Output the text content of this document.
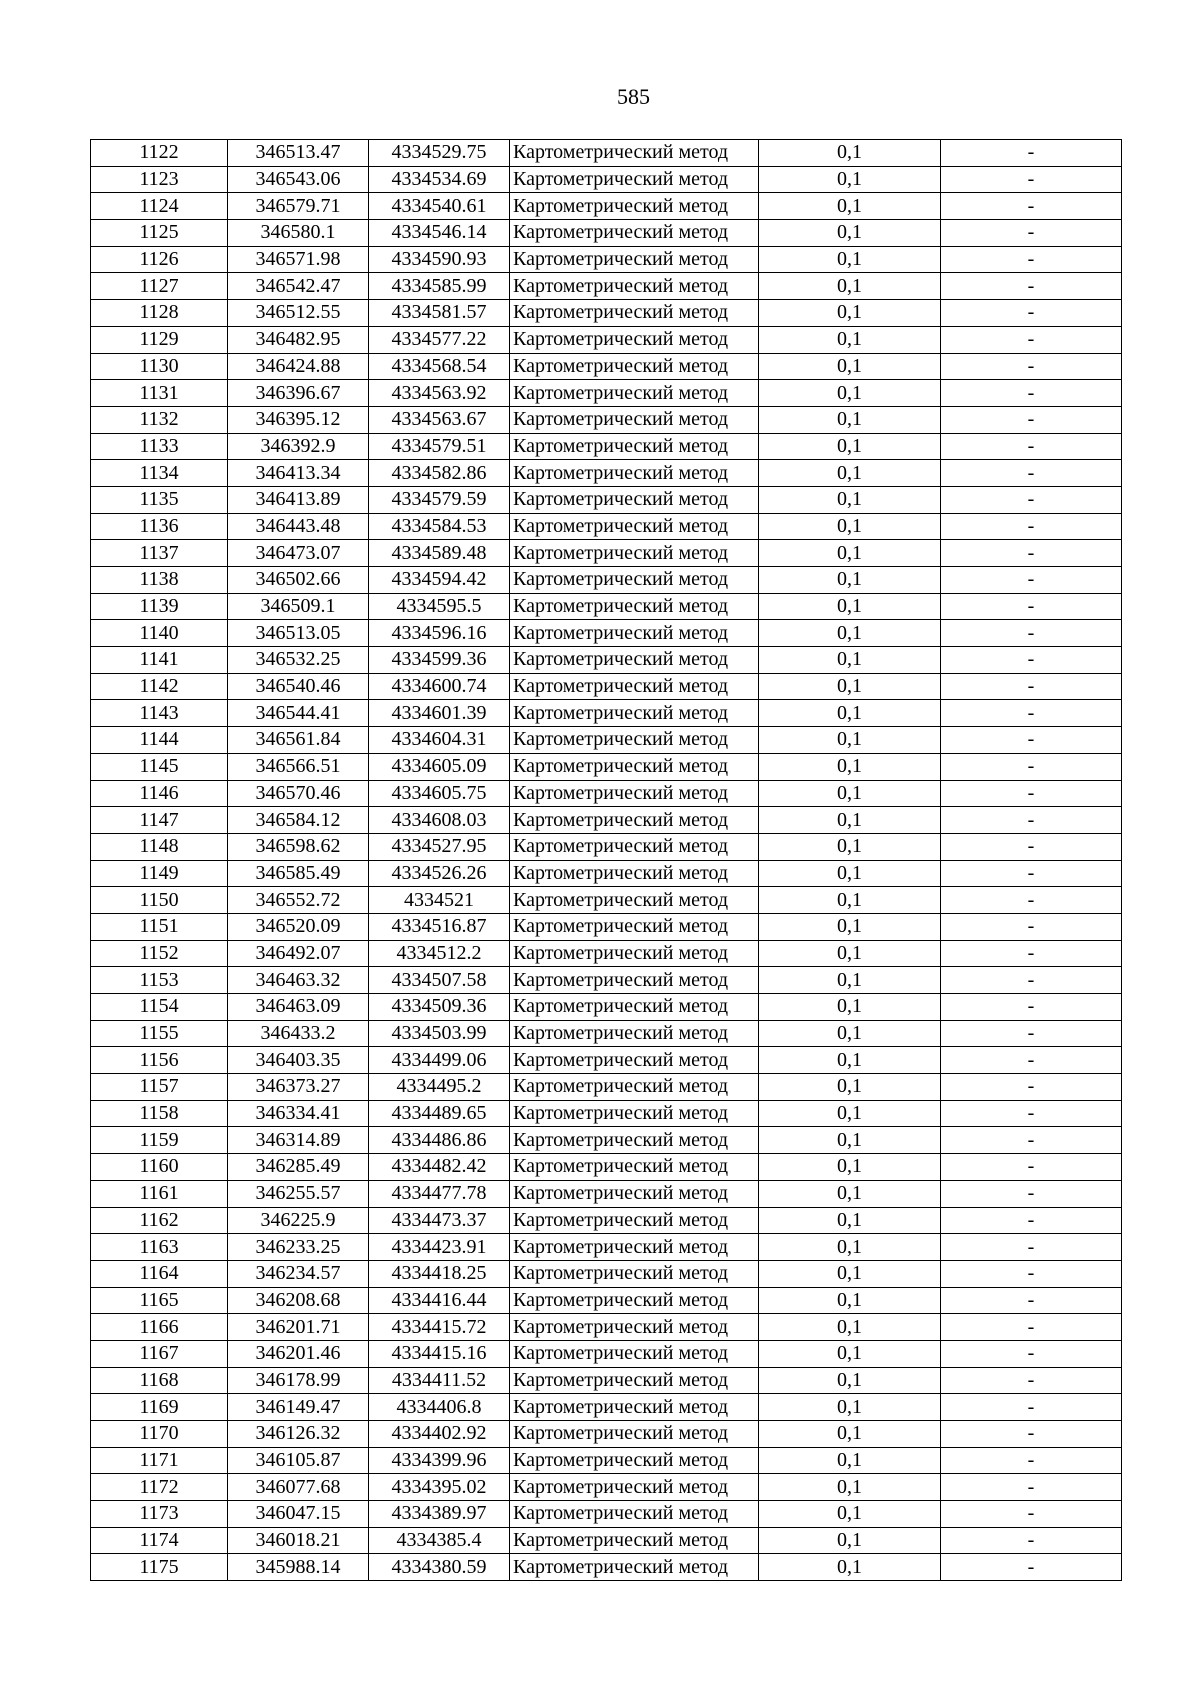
585
1122	346513.47	4334529.75	Картометрический метод	0,1	-
1123	346543.06	4334534.69	Картометрический метод	0,1	-
1124	346579.71	4334540.61	Картометрический метод	0,1	-
1125	346580.1	4334546.14	Картометрический метод	0,1	-
1126	346571.98	4334590.93	Картометрический метод	0,1	-
1127	346542.47	4334585.99	Картометрический метод	0,1	-
1128	346512.55	4334581.57	Картометрический метод	0,1	-
1129	346482.95	4334577.22	Картометрический метод	0,1	-
1130	346424.88	4334568.54	Картометрический метод	0,1	-
1131	346396.67	4334563.92	Картометрический метод	0,1	-
1132	346395.12	4334563.67	Картометрический метод	0,1	-
1133	346392.9	4334579.51	Картометрический метод	0,1	-
1134	346413.34	4334582.86	Картометрический метод	0,1	-
1135	346413.89	4334579.59	Картометрический метод	0,1	-
1136	346443.48	4334584.53	Картометрический метод	0,1	-
1137	346473.07	4334589.48	Картометрический метод	0,1	-
1138	346502.66	4334594.42	Картометрический метод	0,1	-
1139	346509.1	4334595.5	Картометрический метод	0,1	-
1140	346513.05	4334596.16	Картометрический метод	0,1	-
1141	346532.25	4334599.36	Картометрический метод	0,1	-
1142	346540.46	4334600.74	Картометрический метод	0,1	-
1143	346544.41	4334601.39	Картометрический метод	0,1	-
1144	346561.84	4334604.31	Картометрический метод	0,1	-
1145	346566.51	4334605.09	Картометрический метод	0,1	-
1146	346570.46	4334605.75	Картометрический метод	0,1	-
1147	346584.12	4334608.03	Картометрический метод	0,1	-
1148	346598.62	4334527.95	Картометрический метод	0,1	-
1149	346585.49	4334526.26	Картометрический метод	0,1	-
1150	346552.72	4334521	Картометрический метод	0,1	-
1151	346520.09	4334516.87	Картометрический метод	0,1	-
1152	346492.07	4334512.2	Картометрический метод	0,1	-
1153	346463.32	4334507.58	Картометрический метод	0,1	-
1154	346463.09	4334509.36	Картометрический метод	0,1	-
1155	346433.2	4334503.99	Картометрический метод	0,1	-
1156	346403.35	4334499.06	Картометрический метод	0,1	-
1157	346373.27	4334495.2	Картометрический метод	0,1	-
1158	346334.41	4334489.65	Картометрический метод	0,1	-
1159	346314.89	4334486.86	Картометрический метод	0,1	-
1160	346285.49	4334482.42	Картометрический метод	0,1	-
1161	346255.57	4334477.78	Картометрический метод	0,1	-
1162	346225.9	4334473.37	Картометрический метод	0,1	-
1163	346233.25	4334423.91	Картометрический метод	0,1	-
1164	346234.57	4334418.25	Картометрический метод	0,1	-
1165	346208.68	4334416.44	Картометрический метод	0,1	-
1166	346201.71	4334415.72	Картометрический метод	0,1	-
1167	346201.46	4334415.16	Картометрический метод	0,1	-
1168	346178.99	4334411.52	Картометрический метод	0,1	-
1169	346149.47	4334406.8	Картометрический метод	0,1	-
1170	346126.32	4334402.92	Картометрический метод	0,1	-
1171	346105.87	4334399.96	Картометрический метод	0,1	-
1172	346077.68	4334395.02	Картометрический метод	0,1	-
1173	346047.15	4334389.97	Картометрический метод	0,1	-
1174	346018.21	4334385.4	Картометрический метод	0,1	-
1175	345988.14	4334380.59	Картометрический метод	0,1	-
